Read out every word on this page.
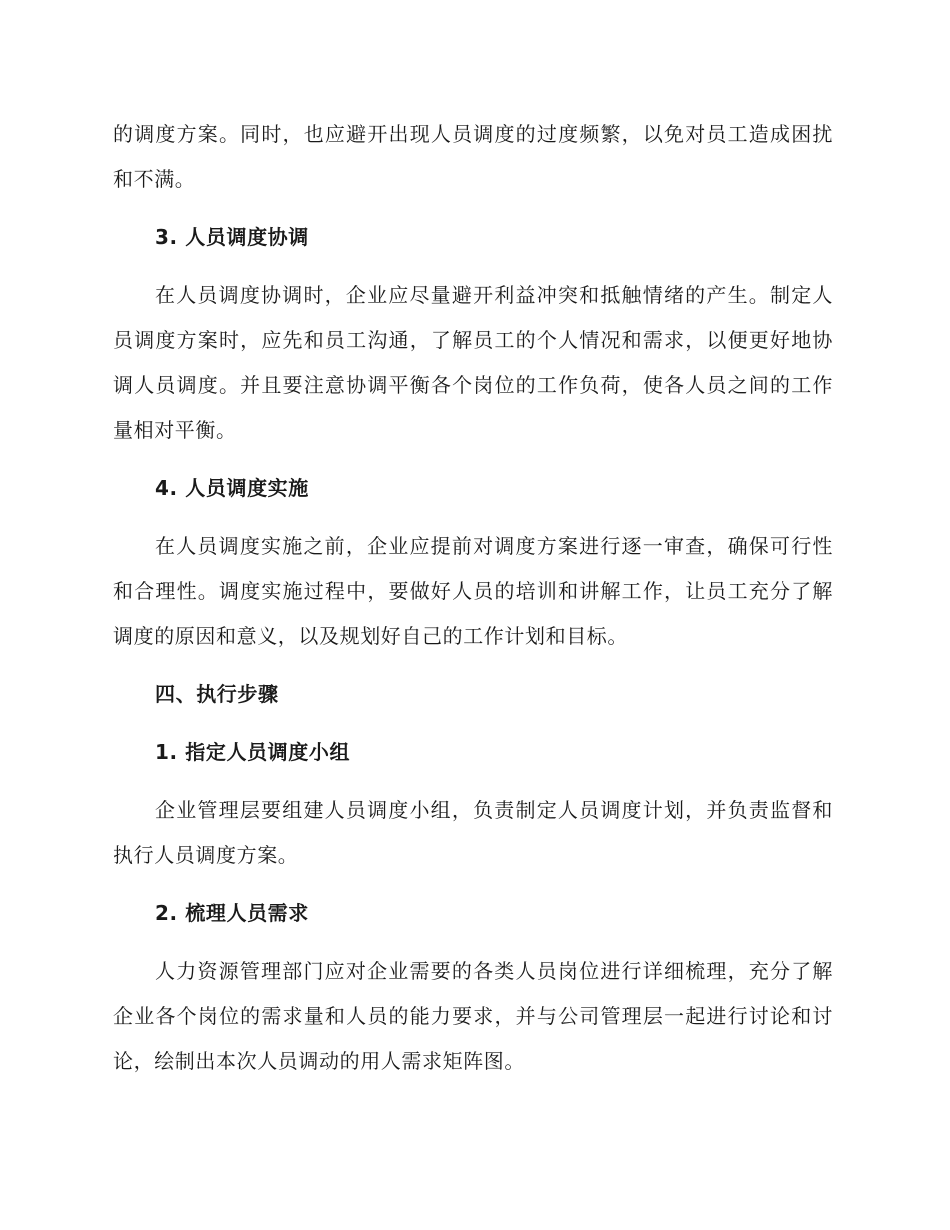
的调度方案。同时，也应避开出现人员调度的过度频繁，以免对员工造成困扰和不满。

3. 人员调度协调

在人员调度协调时，企业应尽量避开利益冲突和抵触情绪的产生。制定人员调度方案时，应先和员工沟通，了解员工的个人情况和需求，以便更好地协调人员调度。并且要注意协调平衡各个岗位的工作负荷，使各人员之间的工作量相对平衡。

4. 人员调度实施

在人员调度实施之前，企业应提前对调度方案进行逐一审查，确保可行性和合理性。调度实施过程中，要做好人员的培训和讲解工作，让员工充分了解调度的原因和意义，以及规划好自己的工作计划和目标。

四、执行步骤

1. 指定人员调度小组

企业管理层要组建人员调度小组，负责制定人员调度计划，并负责监督和执行人员调度方案。

2. 梳理人员需求

人力资源管理部门应对企业需要的各类人员岗位进行详细梳理，充分了解企业各个岗位的需求量和人员的能力要求，并与公司管理层一起进行讨论和讨论，绘制出本次人员调动的用人需求矩阵图。
